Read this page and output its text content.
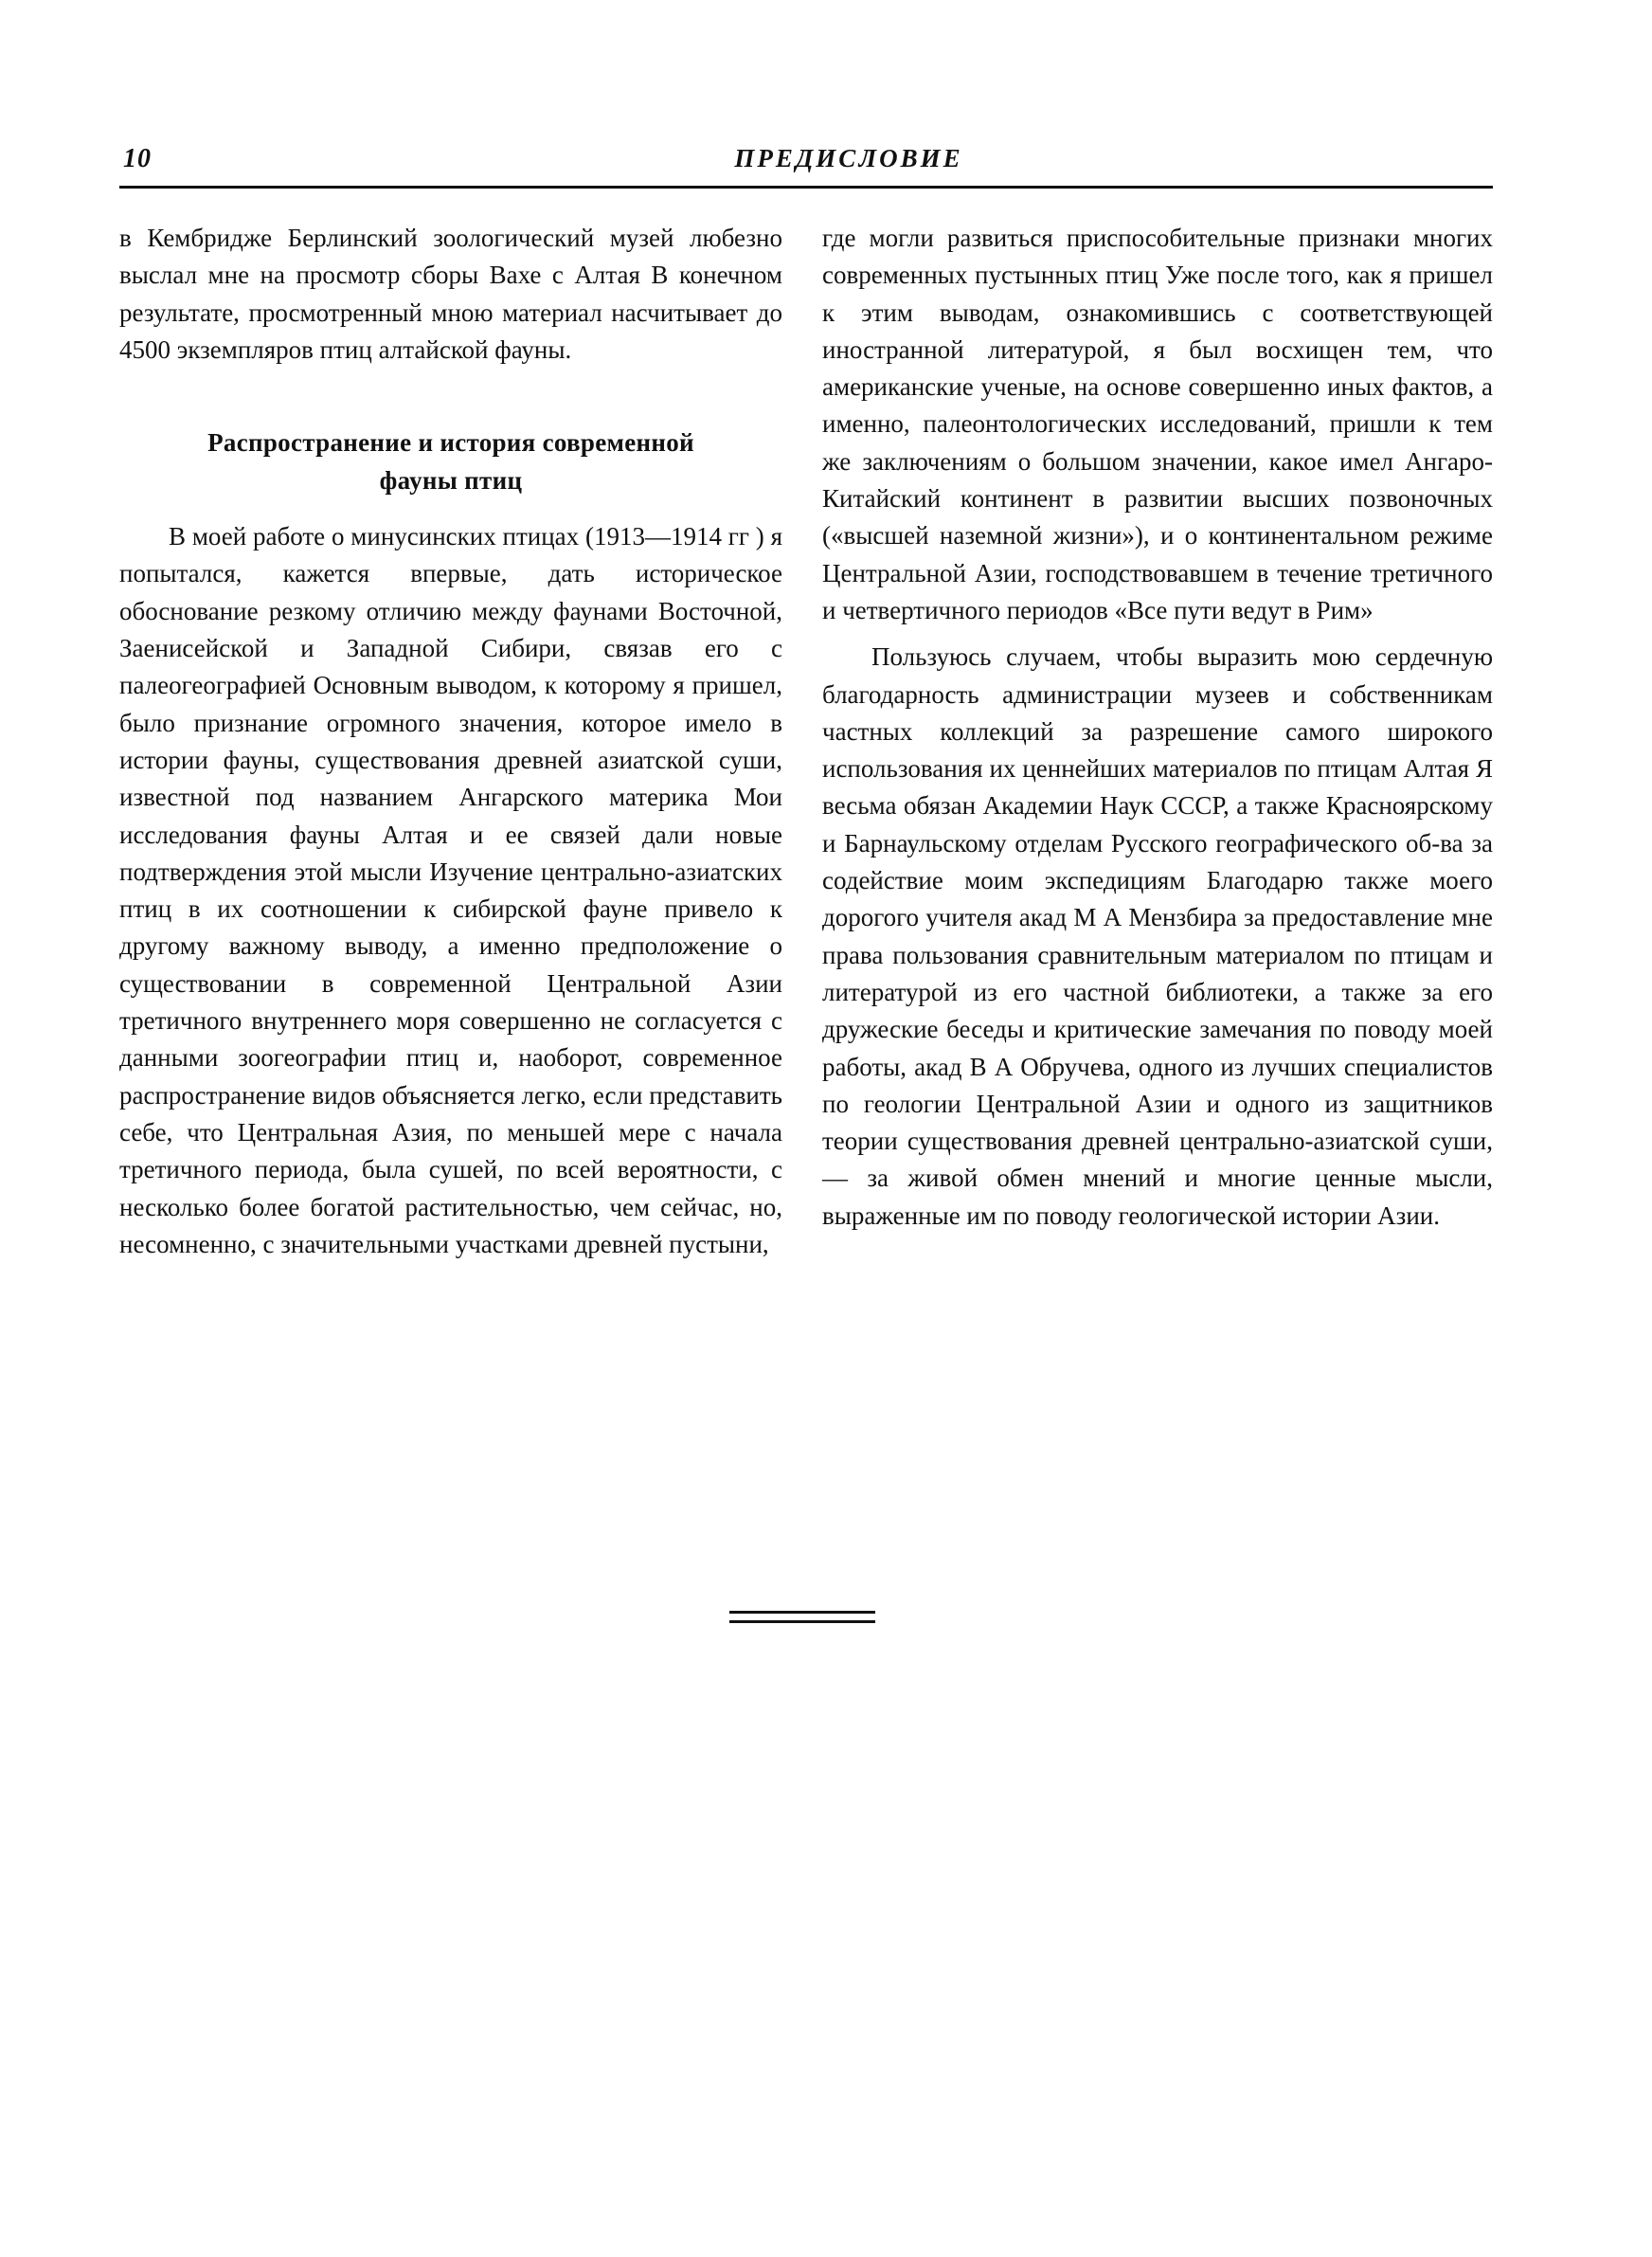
10	ПРЕДИСЛОВИЕ

в Кембридже Берлинский зоологический музей любезно выслал мне на просмотр сборы Вахе с Алтая В конечном результате, просмотренный мною материал насчитывает до 4500 экземпляров птиц алтайской фауны.

Распространение и история современной
фауны птиц

В моей работе о минусинских птицах (1913—1914 гг ) я попытался, кажется впервые, дать историческое обоснование резкому отличию между фаунами Восточной, Заенисейской и Западной Сибири, связав его с палеогеографией Основным выводом, к которому я пришел, было признание огромного значения, которое имело в истории фауны, существования древней азиатской суши, известной под названием Ангарского материка Мои исследования фауны Алтая и ее связей дали новые подтверждения этой мысли Изучение центрально-азиатских птиц в их соотношении к сибирской фауне привело к другому важному выводу, а именно предположение о существовании в современной Центральной Азии третичного внутреннего моря совершенно не согласуется с данными зоогеографии птиц и, наоборот, современное распространение видов объясняется легко, если представить себе, что Центральная Азия, по меньшей мере с начала третичного периода, была сушей, по всей вероятности, с несколько более богатой растительностью, чем сейчас, но, несомненно, с значительными участками древней пустыни,

где могли развиться приспособительные признаки многих современных пустынных птиц Уже после того, как я пришел к этим выводам, ознакомившись с соответствующей иностранной литературой, я был восхищен тем, что американские ученые, на основе совершенно иных фактов, а именно, палеонтологических исследований, пришли к тем же заключениям о большом значении, какое имел Ангаро-Китайский континент в развитии высших позвоночных («высшей наземной жизни»), и о континентальном режиме Центральной Азии, господствовавшем в течение третичного и четвертичного периодов «Все пути ведут в Рим»

Пользуюсь случаем, чтобы выразить мою сердечную благодарность администрации музеев и собственникам частных коллекций за разрешение самого широкого использования их ценнейших материалов по птицам Алтая Я весьма обязан Академии Наук СССР, а также Красноярскому и Барнаульскому отделам Русского географического об-ва за содействие моим экспедициям Благодарю также моего дорогого учителя акад М А Мензбира за предоставление мне права пользования сравнительным материалом по птицам и литературой из его частной библиотеки, а также за его дружеские беседы и критические замечания по поводу моей работы, акад В А Обручева, одного из лучших специалистов по геологии Центральной Азии и одного из защитников теории существования древней центрально-азиатской суши, — за живой обмен мнений и многие ценные мысли, выраженные им по поводу геологической истории Азии.
